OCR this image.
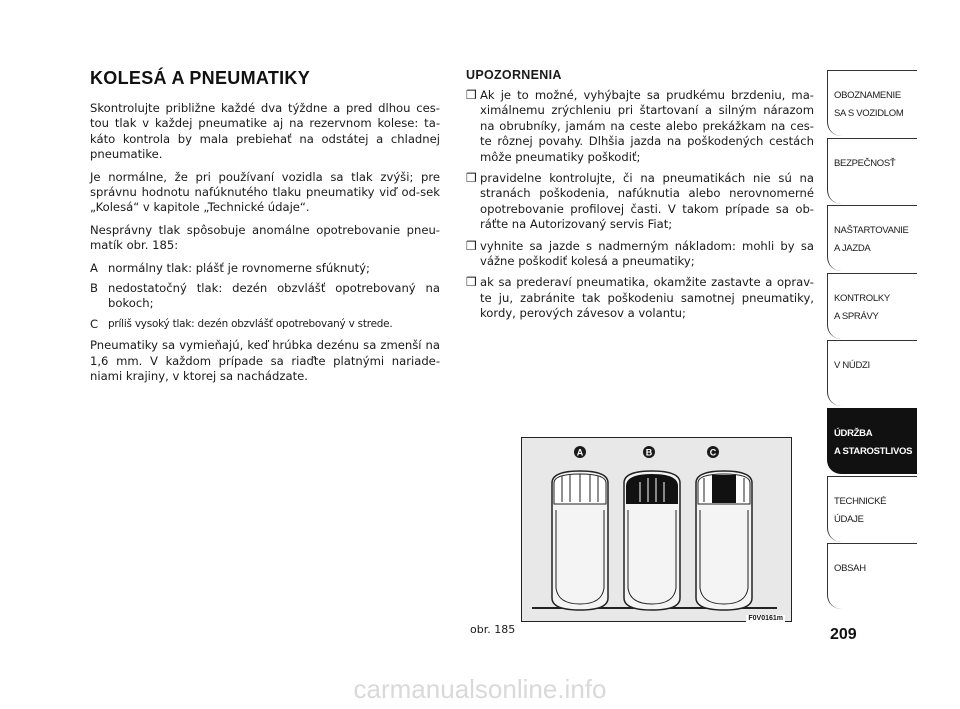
KOLESÁ A PNEUMATIKY

Skontrolujte približne každé dva týždne a pred dlhou ces-tou tlak v každej pneumatike aj na rezervnom kolese: ta-káto kontrola by mala prebiehať na odstátej a chladnej pneumatike.

Je normálne, že pri používaní vozidla sa tlak zvýši; pre správnu hodnotu nafúknutého tlaku pneumatiky viď od-sek „Kolesá“ v kapitole „Technické údaje“.

Nesprávny tlak spôsobuje anomálne opotrebovanie pneu-matík obr. 185:

A normálny tlak: plášť je rovnomerne sfúknutý;
B nedostatočný tlak: dezén obzvlášť opotrebovaný na bokoch;
C príliš vysoký tlak: dezén obzvlášť opotrebovaný v strede.

Pneumatiky sa vymieňajú, keď hrúbka dezénu sa zmenší na 1,6 mm. V každom prípade sa riaďte platnými nariade-niami krajiny, v ktorej sa nachádzate.

UPOZORNENIA
❒ Ak je to možné, vyhýbajte sa prudkému brzdeniu, ma-ximálnemu zrýchleniu pri štartovaní a silným nárazom na obrubníky, jamám na ceste alebo prekážkam na ces-te rôznej povahy. Dlhšia jazda na poškodených cestách môže pneumatiky poškodiť;
❒ pravidelne kontrolujte, či na pneumatikách nie sú na stranách poškodenia, nafúknutia alebo nerovnomerné opotrebovanie profilovej časti. V takom prípade sa ob-ráťte na Autorizovaný servis Fiat;
❒ vyhnite sa jazde s nadmerným nákladom: mohli by sa vážne poškodiť kolesá a pneumatiky;
❒ ak sa prederaví pneumatika, okamžite zastavte a oprav-te ju, zabránite tak poškodeniu samotnej pneumatiky, kordy, perových závesov a volantu;
A	B	C
F0V0161m
obr. 185
OBOZNAMENIE
SA S VOZIDLOM
BEZPEČNOSŤ
NAŠTARTOVANIE
A JAZDA
KONTROLKY
A SPRÁVY
V NÚDZI
ÚDRŽBA
A STAROSTLIVOS
TECHNICKÉ
ÚDAJE
OBSAH
209
carmanualsonline.info
